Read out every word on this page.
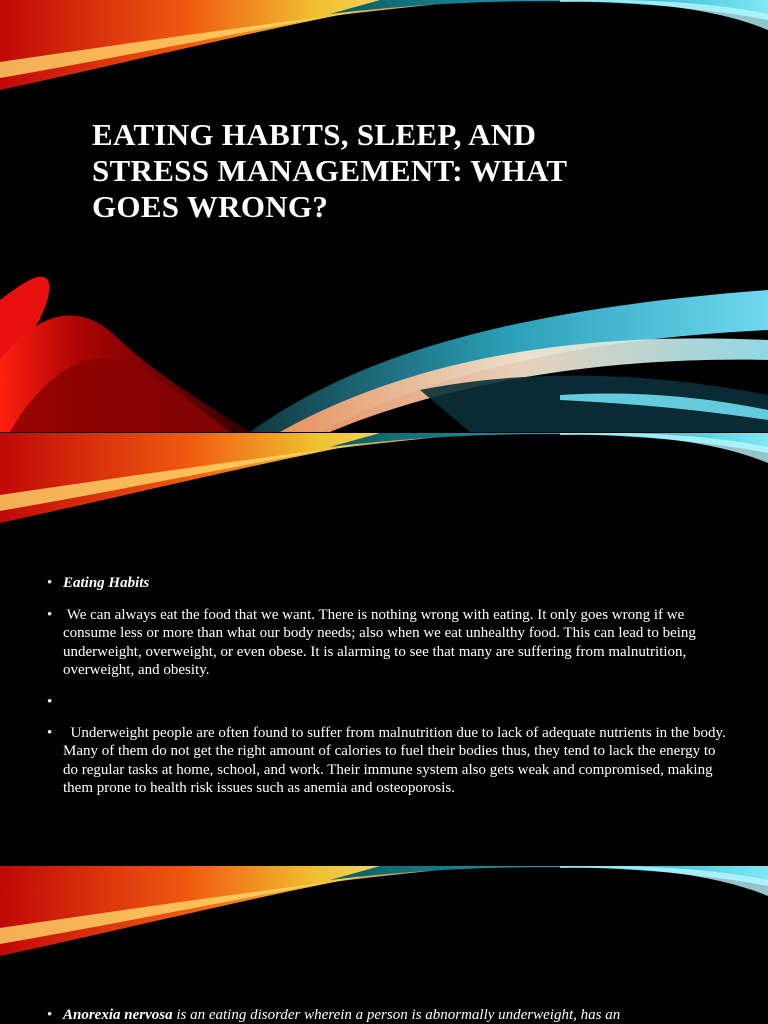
EATING HABITS, SLEEP, AND STRESS MANAGEMENT: WHAT GOES WRONG?
• Eating Habits
• We can always eat the food that we want. There is nothing wrong with eating. It only goes wrong if we consume less or more than what our body needs; also when we eat unhealthy food. This can lead to being underweight, overweight, or even obese. It is alarming to see that many are suffering from malnutrition, overweight, and obesity.
•
• Underweight people are often found to suffer from malnutrition due to lack of adequate nutrients in the body. Many of them do not get the right amount of calories to fuel their bodies thus, they tend to lack the energy to do regular tasks at home, school, and work. Their immune system also gets weak and compromised, making them prone to health risk issues such as anemia and osteoporosis.
• Anorexia nervosa is an eating disorder wherein a person is abnormally underweight, has an
